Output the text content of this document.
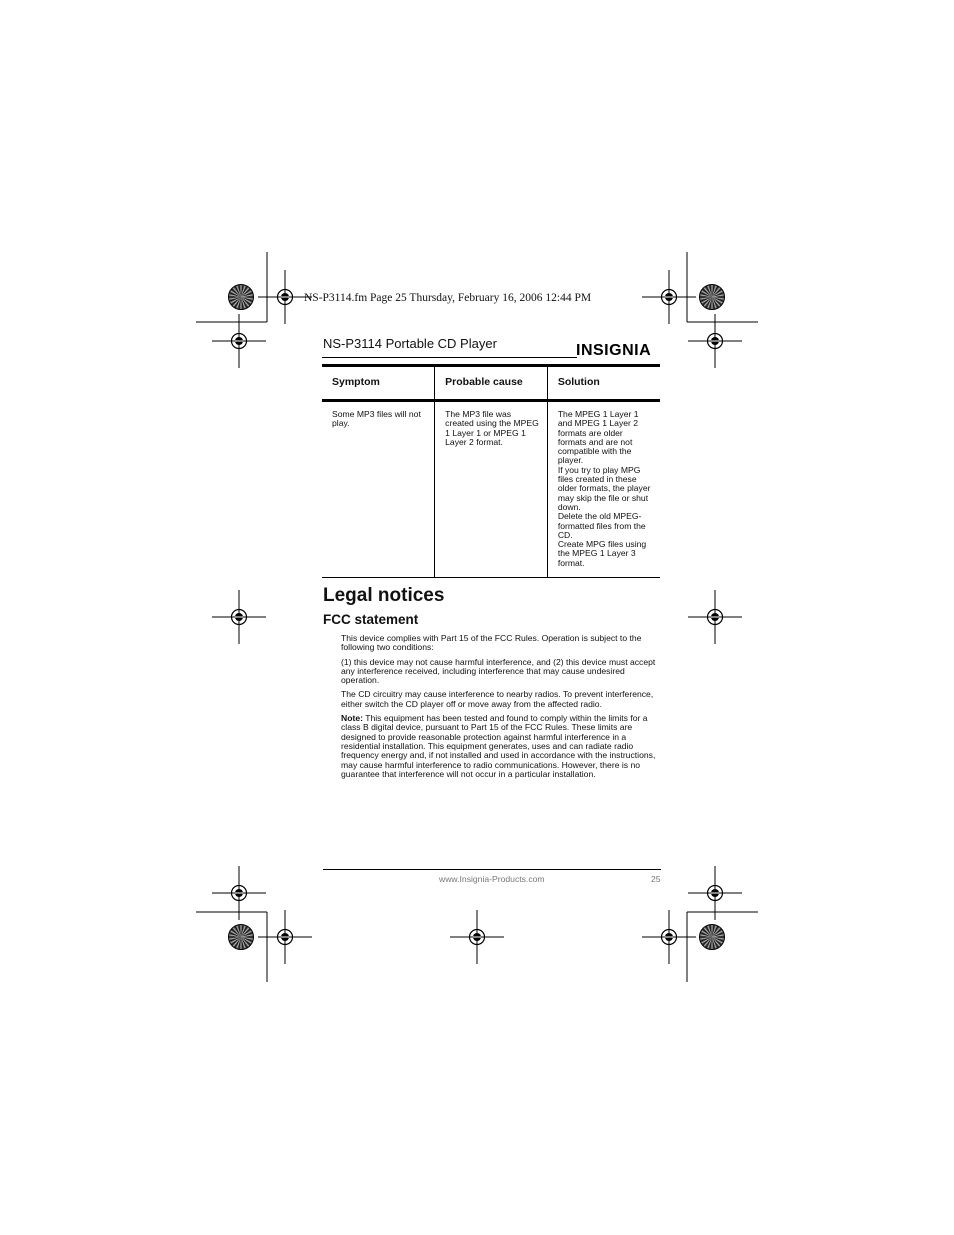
NS-P3114.fm Page 25 Thursday, February 16, 2006 12:44 PM
NS-P3114 Portable CD Player	INSIGNIA
Symptom	Probable cause	Solution
Some MP3 files will not play.	The MP3 file was created using the MPEG 1 Layer 1 or MPEG 1 Layer 2 format.	The MPEG 1 Layer 1 and MPEG 1 Layer 2 formats are older formats and are not compatible with the player.
If you try to play MPG files created in these older formats, the player may skip the file or shut down.
Delete the old MPEG-formatted files from the CD.
Create MPG files using the MPEG 1 Layer 3 format.
Legal notices
FCC statement

This device complies with Part 15 of the FCC Rules. Operation is subject to the following two conditions:

(1) this device may not cause harmful interference, and (2) this device must accept any interference received, including interference that may cause undesired operation.

The CD circuitry may cause interference to nearby radios. To prevent interference, either switch the CD player off or move away from the affected radio.

Note: This equipment has been tested and found to comply within the limits for a class B digital device, pursuant to Part 15 of the FCC Rules. These limits are designed to provide reasonable protection against harmful interference in a residential installation. This equipment generates, uses and can radiate radio frequency energy and, if not installed and used in accordance with the instructions, may cause harmful interference to radio communications. However, there is no guarantee that interference will not occur in a particular installation.

www.Insignia-Products.com	25
